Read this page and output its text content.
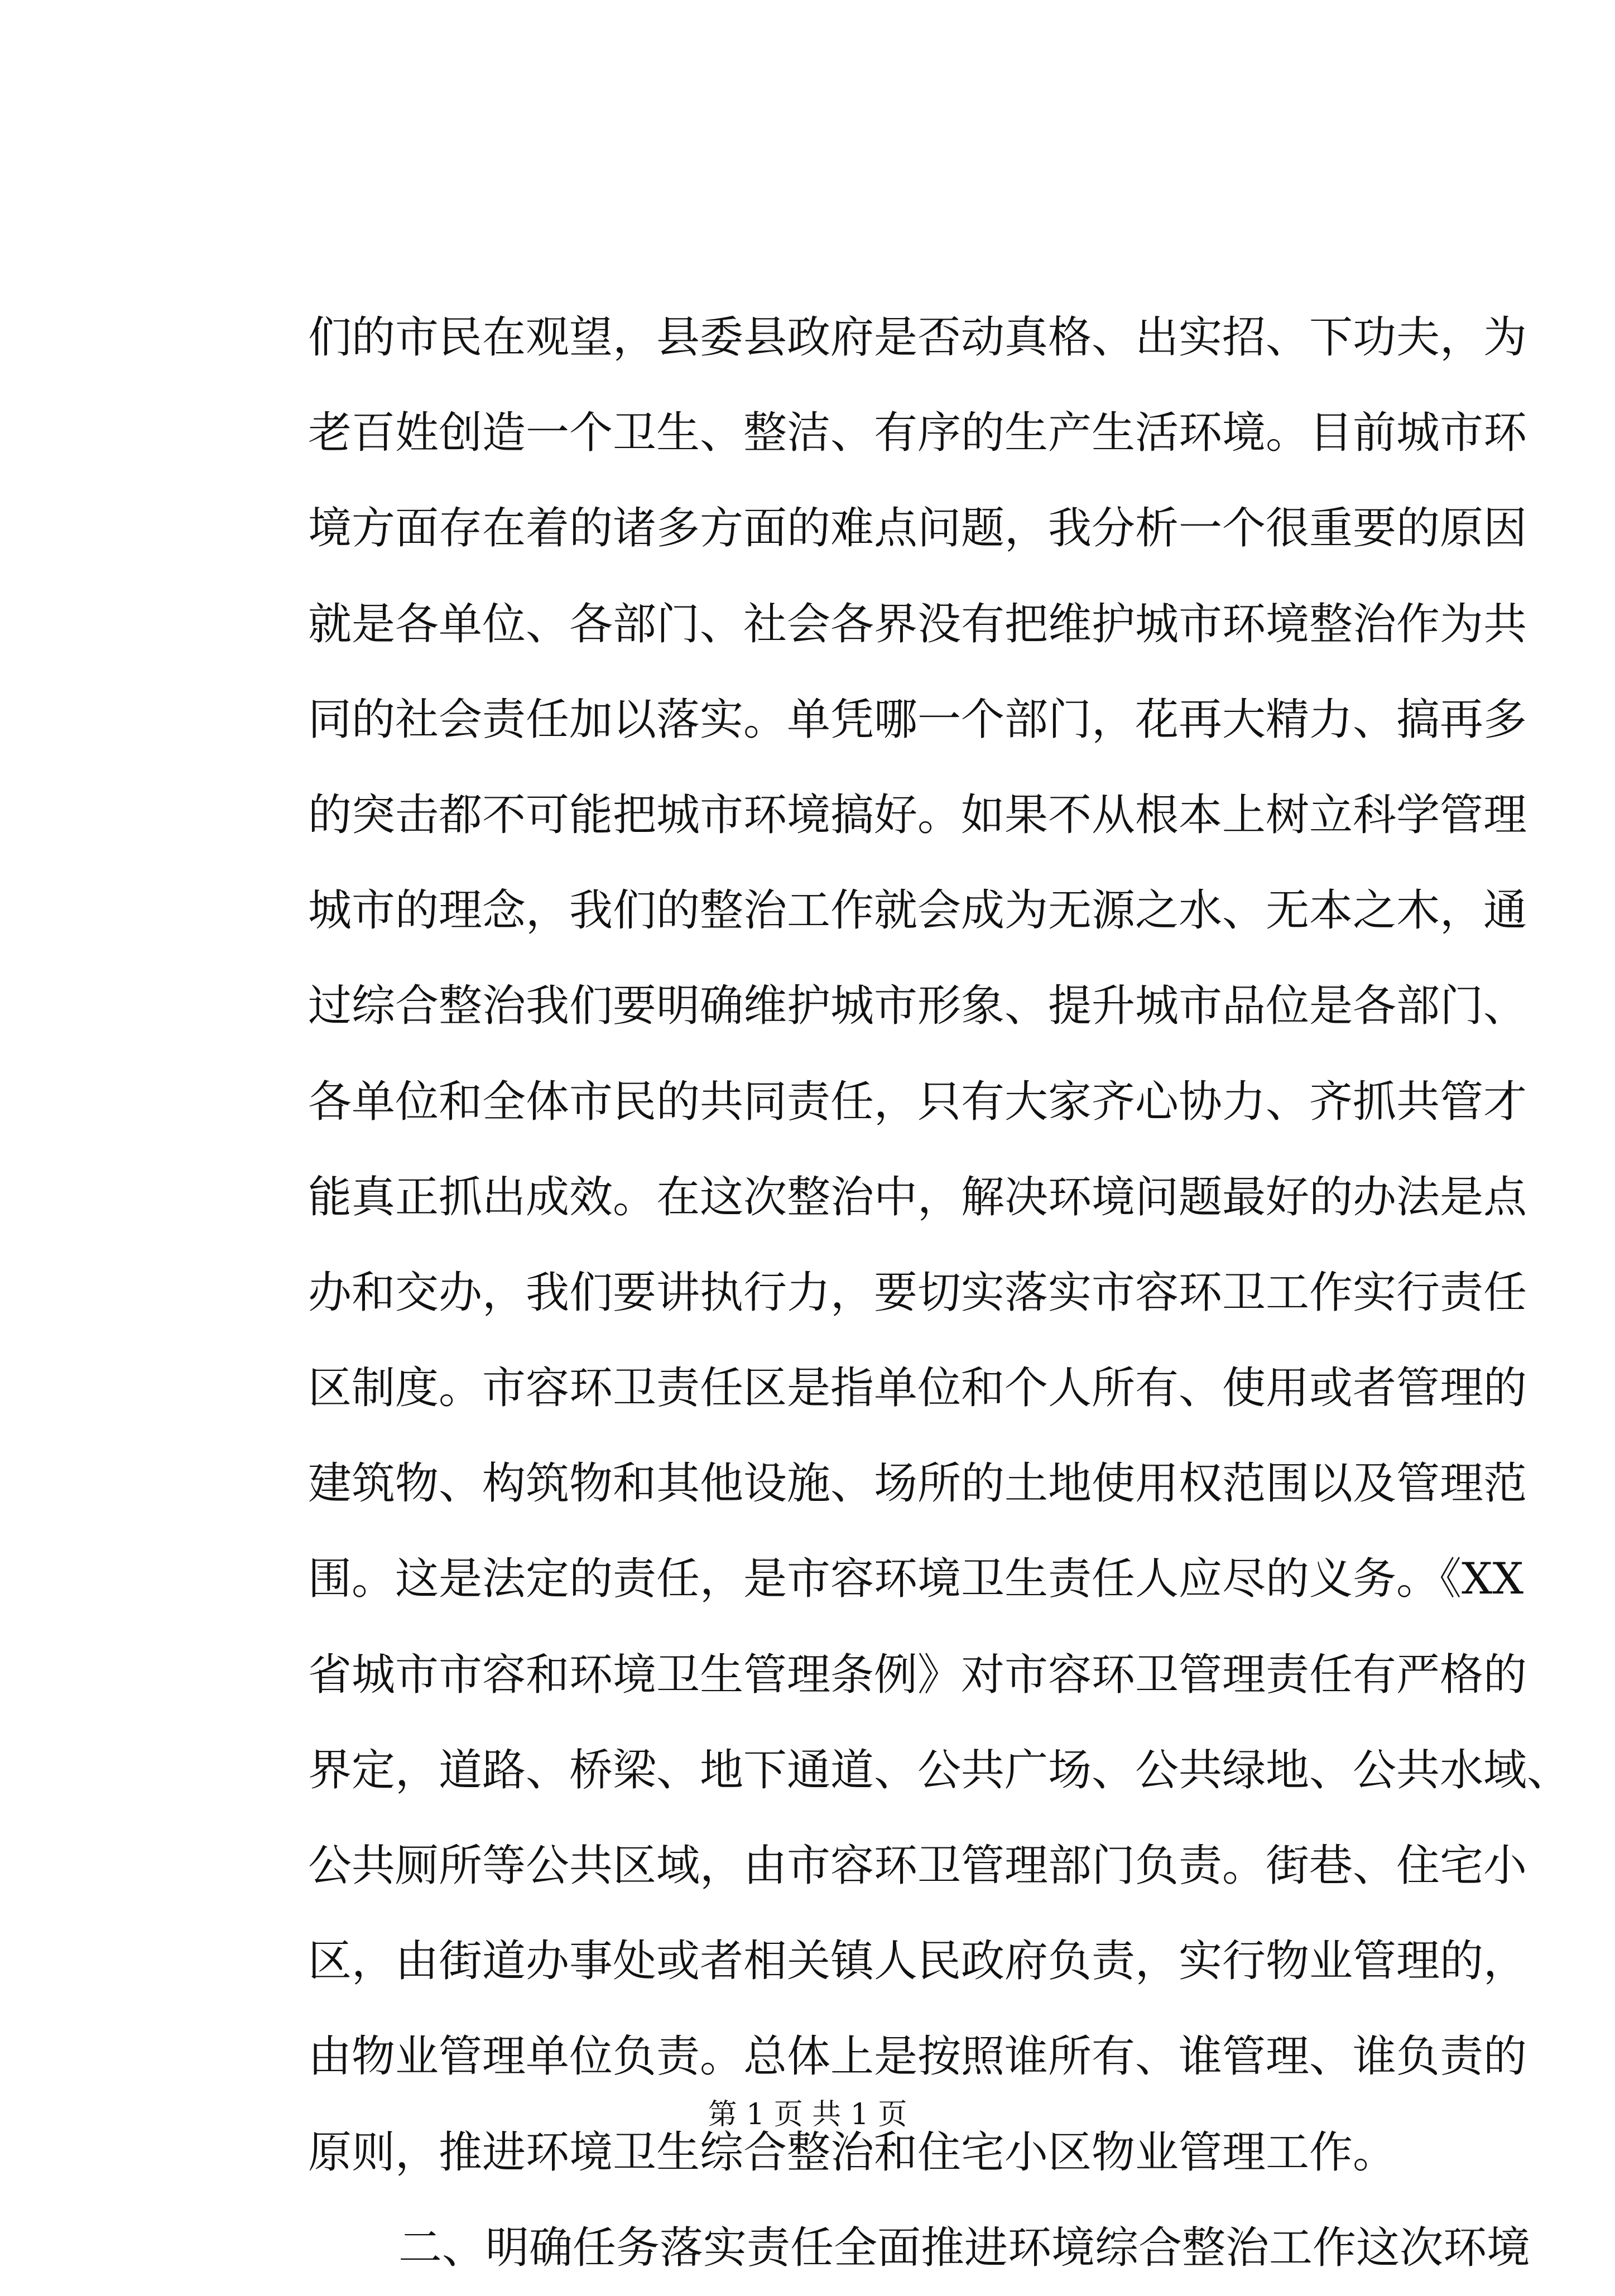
们的市民在观望，县委县政府是否动真格、出实招、下功夫，为
老百姓创造一个卫生、整洁、有序的生产生活环境。目前城市环
境方面存在着的诸多方面的难点问题，我分析一个很重要的原因
就是各单位、各部门、社会各界没有把维护城市环境整治作为共
同的社会责任加以落实。单凭哪一个部门，花再大精力、搞再多
的突击都不可能把城市环境搞好。如果不从根本上树立科学管理
城市的理念，我们的整治工作就会成为无源之水、无本之木，通
过综合整治我们要明确维护城市形象、提升城市品位是各部门、
各单位和全体市民的共同责任，只有大家齐心协力、齐抓共管才
能真正抓出成效。在这次整治中，解决环境问题最好的办法是点
办和交办，我们要讲执行力，要切实落实市容环卫工作实行责任
区制度。市容环卫责任区是指单位和个人所有、使用或者管理的
建筑物、构筑物和其他设施、场所的土地使用权范围以及管理范
围。这是法定的责任，是市容环境卫生责任人应尽的义务。《XX
省城市市容和环境卫生管理条例》对市容环卫管理责任有严格的
界定，道路、桥梁、地下通道、公共广场、公共绿地、公共水域、
公共厕所等公共区域，由市容环卫管理部门负责。街巷、住宅小
区，由街道办事处或者相关镇人民政府负责，实行物业管理的，
由物业管理单位负责。总体上是按照谁所有、谁管理、谁负责的
原则，推进环境卫生综合整治和住宅小区物业管理工作。
二、明确任务落实责任全面推进环境综合整治工作这次环境
第 1 页 共 1 页
